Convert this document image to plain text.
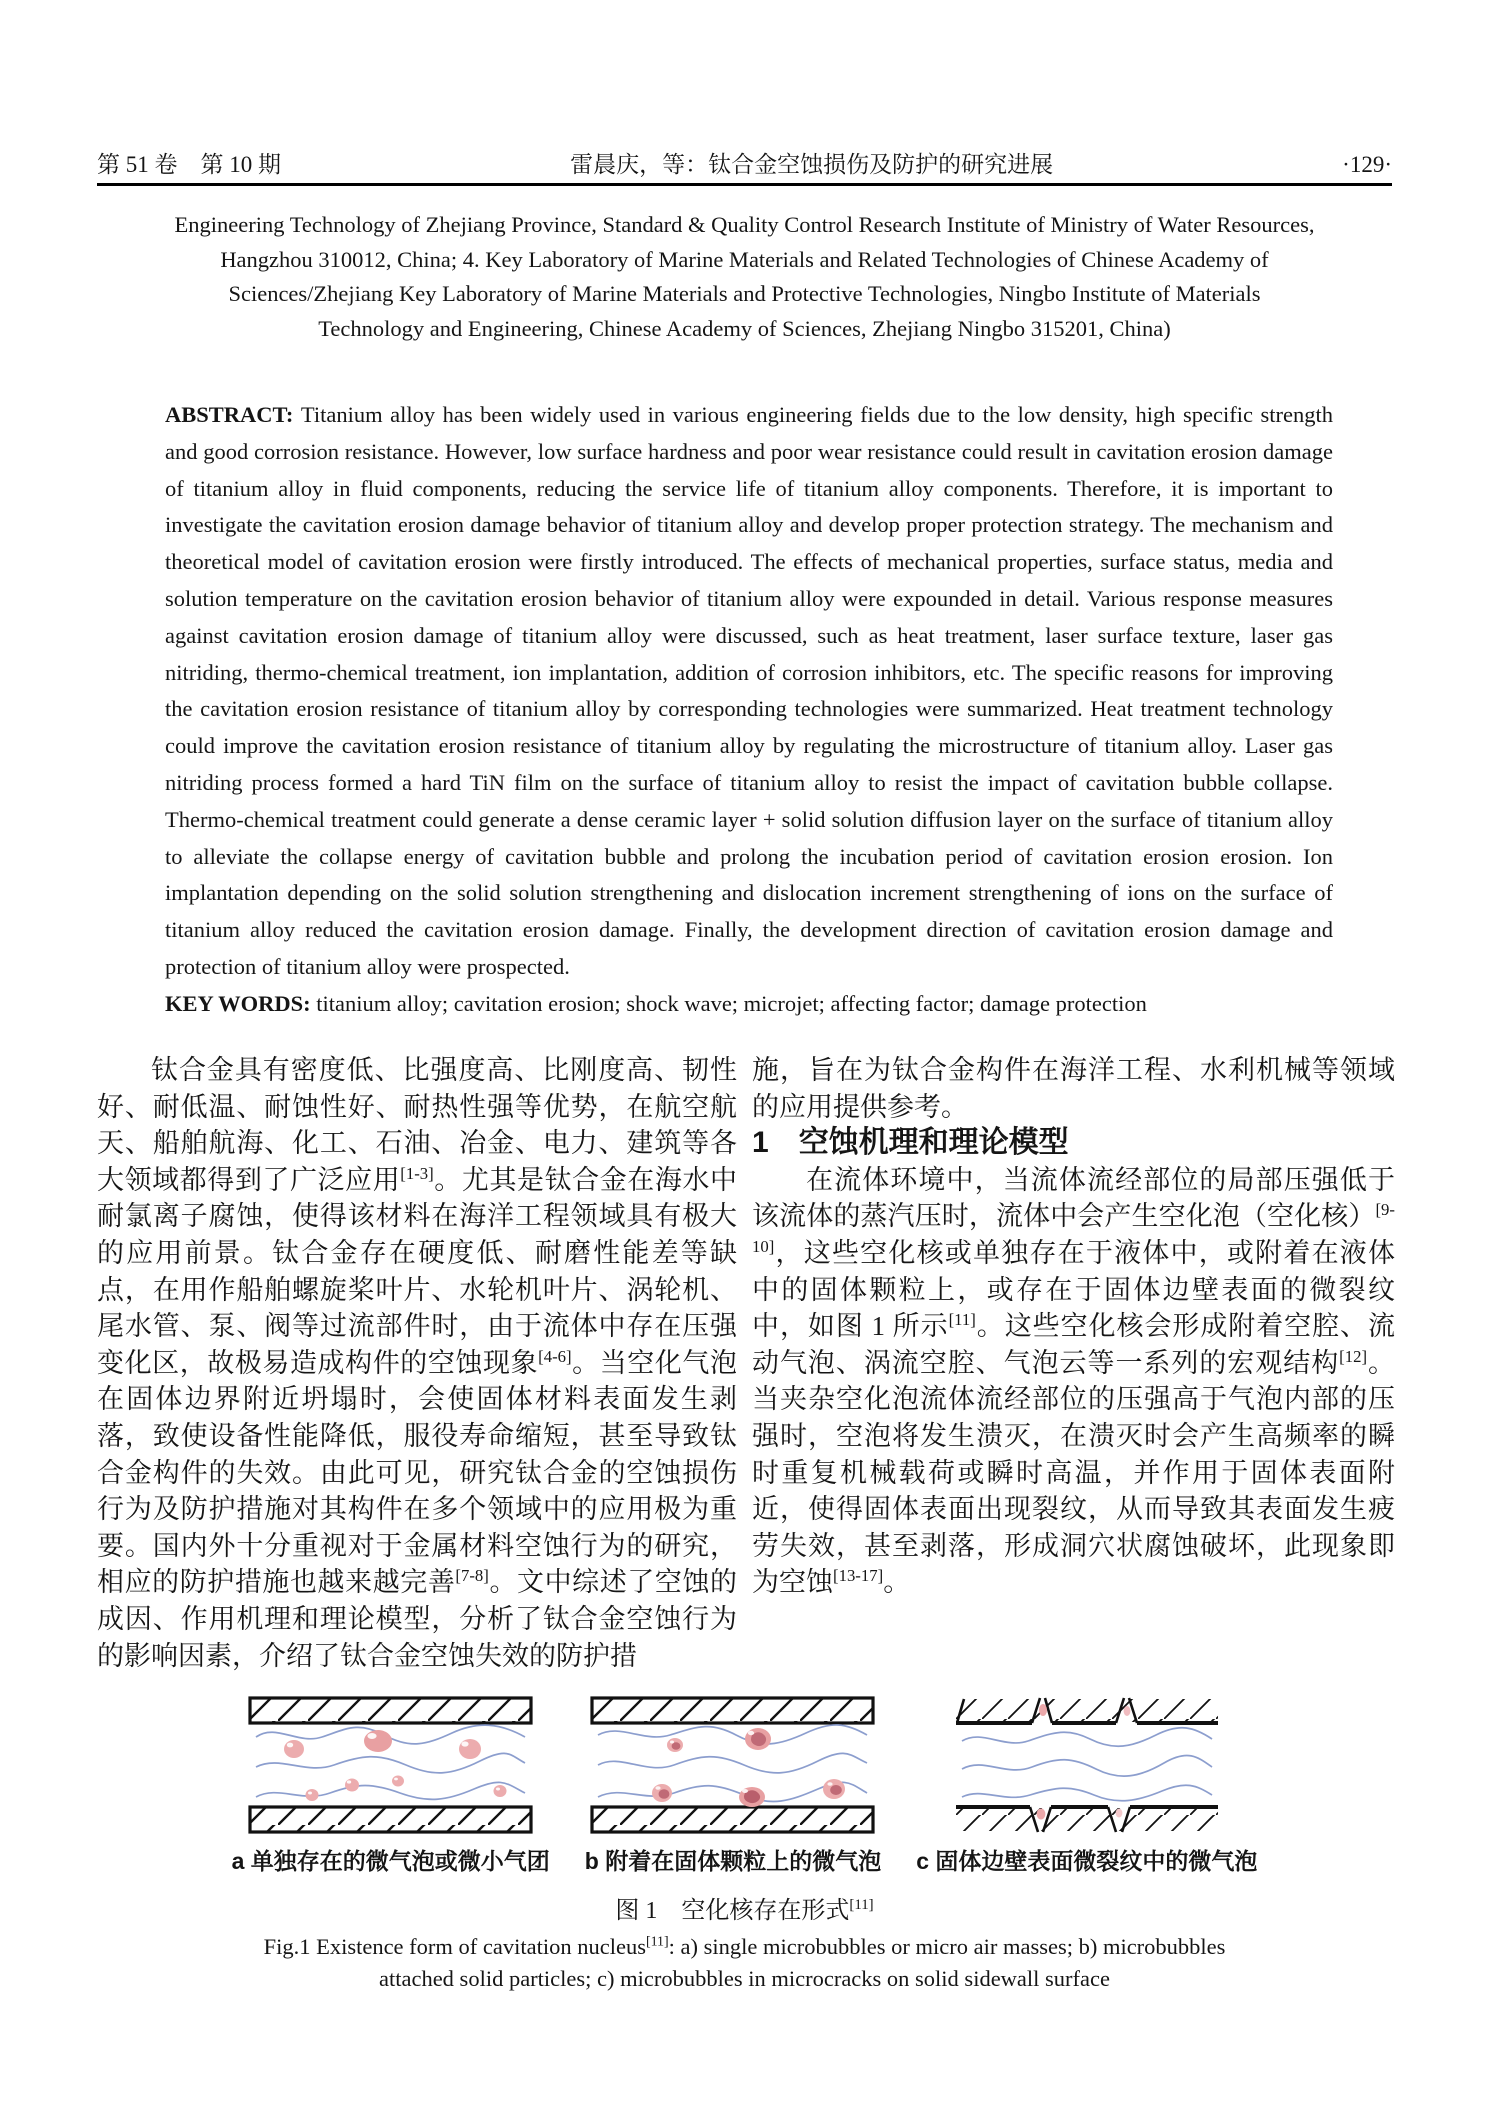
第 51 卷　第 10 期	雷晨庆，等：钛合金空蚀损伤及防护的研究进展	·129·
Engineering Technology of Zhejiang Province, Standard & Quality Control Research Institute of Ministry of Water Resources,
Hangzhou 310012, China; 4. Key Laboratory of Marine Materials and Related Technologies of Chinese Academy of
Sciences/Zhejiang Key Laboratory of Marine Materials and Protective Technologies, Ningbo Institute of Materials
Technology and Engineering, Chinese Academy of Sciences, Zhejiang Ningbo 315201, China)

ABSTRACT: Titanium alloy has been widely used in various engineering fields due to the low density, high specific strength and good corrosion resistance. However, low surface hardness and poor wear resistance could result in cavitation erosion damage of titanium alloy in fluid components, reducing the service life of titanium alloy components. Therefore, it is important to investigate the cavitation erosion damage behavior of titanium alloy and develop proper protection strategy. The mechanism and theoretical model of cavitation erosion were firstly introduced. The effects of mechanical properties, surface status, media and solution temperature on the cavitation erosion behavior of titanium alloy were expounded in detail. Various response measures against cavitation erosion damage of titanium alloy were discussed, such as heat treatment, laser surface texture, laser gas nitriding, thermo-chemical treatment, ion implantation, addition of corrosion inhibitors, etc. The specific reasons for improving the cavitation erosion resistance of titanium alloy by corresponding technologies were summarized. Heat treatment technology could improve the cavitation erosion resistance of titanium alloy by regulating the microstructure of titanium alloy. Laser gas nitriding process formed a hard TiN film on the surface of titanium alloy to resist the impact of cavitation bubble collapse. Thermo-chemical treatment could generate a dense ceramic layer + solid solution diffusion layer on the surface of titanium alloy to alleviate the collapse energy of cavitation bubble and prolong the incubation period of cavitation erosion erosion. Ion implantation depending on the solid solution strengthening and dislocation increment strengthening of ions on the surface of titanium alloy reduced the cavitation erosion damage. Finally, the development direction of cavitation erosion damage and protection of titanium alloy were prospected.

KEY WORDS: titanium alloy; cavitation erosion; shock wave; microjet; affecting factor; damage protection

钛合金具有密度低、比强度高、比刚度高、韧性好、耐低温、耐蚀性好、耐热性强等优势，在航空航天、船舶航海、化工、石油、冶金、电力、建筑等各大领域都得到了广泛应用[1-3]。尤其是钛合金在海水中耐氯离子腐蚀，使得该材料在海洋工程领域具有极大的应用前景。钛合金存在硬度低、耐磨性能差等缺点，在用作船舶螺旋桨叶片、水轮机叶片、涡轮机、尾水管、泵、阀等过流部件时，由于流体中存在压强变化区，故极易造成构件的空蚀现象[4-6]。当空化气泡在固体边界附近坍塌时，会使固体材料表面发生剥落，致使设备性能降低，服役寿命缩短，甚至导致钛合金构件的失效。由此可见，研究钛合金的空蚀损伤行为及防护措施对其构件在多个领域中的应用极为重要。国内外十分重视对于金属材料空蚀行为的研究，相应的防护措施也越来越完善[7-8]。文中综述了空蚀的成因、作用机理和理论模型，分析了钛合金空蚀行为的影响因素，介绍了钛合金空蚀失效的防护措

施，旨在为钛合金构件在海洋工程、水利机械等领域的应用提供参考。

1 空蚀机理和理论模型

在流体环境中，当流体流经部位的局部压强低于该流体的蒸汽压时，流体中会产生空化泡（空化核）[9-10]，这些空化核或单独存在于液体中，或附着在液体中的固体颗粒上，或存在于固体边壁表面的微裂纹中，如图 1 所示[11]。这些空化核会形成附着空腔、流动气泡、涡流空腔、气泡云等一系列的宏观结构[12]。当夹杂空化泡流体流经部位的压强高于气泡内部的压强时，空泡将发生溃灭，在溃灭时会产生高频率的瞬时重复机械载荷或瞬时高温，并作用于固体表面附近，使得固体表面出现裂纹，从而导致其表面发生疲劳失效，甚至剥落，形成洞穴状腐蚀破坏，此现象即为空蚀[13-17]。

a 单独存在的微气泡或微小气团 b 附着在固体颗粒上的微气泡 c 固体边壁表面微裂纹中的微气泡
图 1　空化核存在形式[11]
Fig.1 Existence form of cavitation nucleus[11]: a) single microbubbles or micro air masses; b) microbubbles
attached solid particles; c) microbubbles in microcracks on solid sidewall surface
